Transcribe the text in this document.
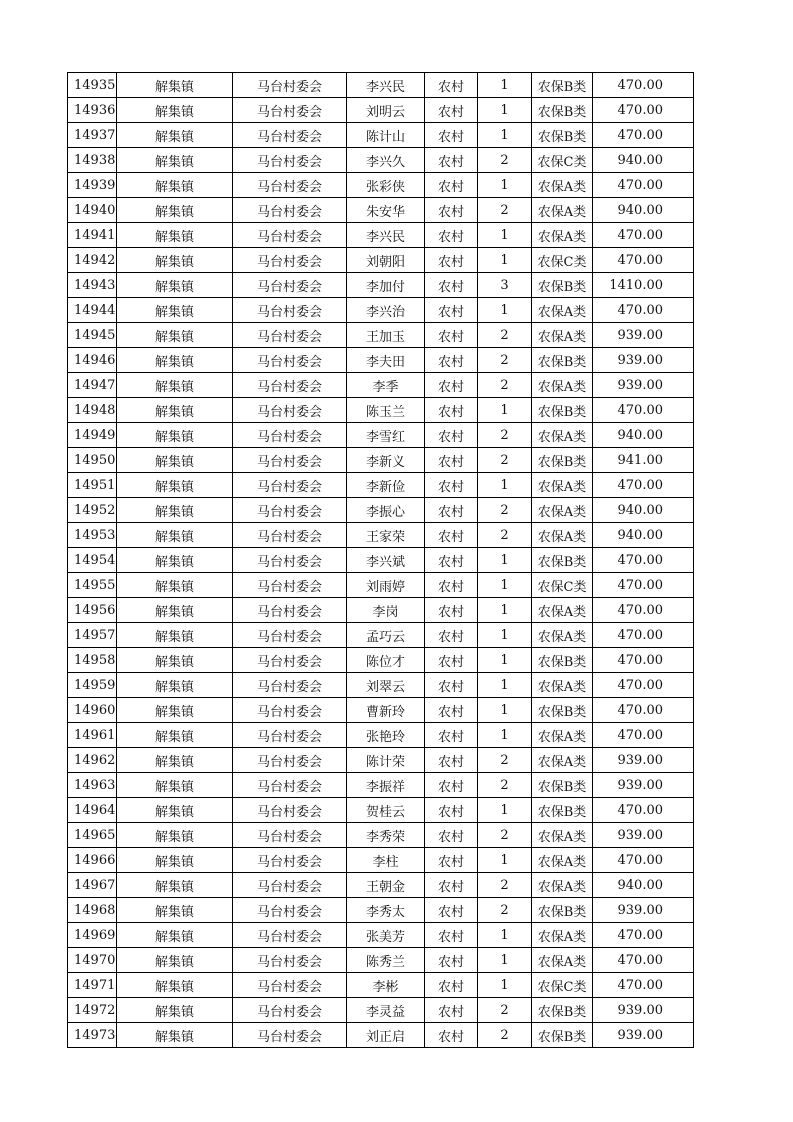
14935	解集镇	马台村委会	李兴民	农村	1	农保B类	470.00
14936	解集镇	马台村委会	刘明云	农村	1	农保B类	470.00
14937	解集镇	马台村委会	陈计山	农村	1	农保B类	470.00
14938	解集镇	马台村委会	李兴久	农村	2	农保C类	940.00
14939	解集镇	马台村委会	张彩侠	农村	1	农保A类	470.00
14940	解集镇	马台村委会	朱安华	农村	2	农保A类	940.00
14941	解集镇	马台村委会	李兴民	农村	1	农保A类	470.00
14942	解集镇	马台村委会	刘朝阳	农村	1	农保C类	470.00
14943	解集镇	马台村委会	李加付	农村	3	农保B类	1410.00
14944	解集镇	马台村委会	李兴治	农村	1	农保A类	470.00
14945	解集镇	马台村委会	王加玉	农村	2	农保A类	939.00
14946	解集镇	马台村委会	李夫田	农村	2	农保B类	939.00
14947	解集镇	马台村委会	李季	农村	2	农保A类	939.00
14948	解集镇	马台村委会	陈玉兰	农村	1	农保B类	470.00
14949	解集镇	马台村委会	李雪红	农村	2	农保A类	940.00
14950	解集镇	马台村委会	李新义	农村	2	农保B类	941.00
14951	解集镇	马台村委会	李新俭	农村	1	农保A类	470.00
14952	解集镇	马台村委会	李振心	农村	2	农保A类	940.00
14953	解集镇	马台村委会	王家荣	农村	2	农保A类	940.00
14954	解集镇	马台村委会	李兴斌	农村	1	农保B类	470.00
14955	解集镇	马台村委会	刘雨婷	农村	1	农保C类	470.00
14956	解集镇	马台村委会	李岗	农村	1	农保A类	470.00
14957	解集镇	马台村委会	孟巧云	农村	1	农保A类	470.00
14958	解集镇	马台村委会	陈位才	农村	1	农保B类	470.00
14959	解集镇	马台村委会	刘翠云	农村	1	农保A类	470.00
14960	解集镇	马台村委会	曹新玲	农村	1	农保B类	470.00
14961	解集镇	马台村委会	张艳玲	农村	1	农保A类	470.00
14962	解集镇	马台村委会	陈计荣	农村	2	农保A类	939.00
14963	解集镇	马台村委会	李振祥	农村	2	农保B类	939.00
14964	解集镇	马台村委会	贺桂云	农村	1	农保B类	470.00
14965	解集镇	马台村委会	李秀荣	农村	2	农保A类	939.00
14966	解集镇	马台村委会	李柱	农村	1	农保A类	470.00
14967	解集镇	马台村委会	王朝金	农村	2	农保A类	940.00
14968	解集镇	马台村委会	李秀太	农村	2	农保B类	939.00
14969	解集镇	马台村委会	张美芳	农村	1	农保A类	470.00
14970	解集镇	马台村委会	陈秀兰	农村	1	农保A类	470.00
14971	解集镇	马台村委会	李彬	农村	1	农保C类	470.00
14972	解集镇	马台村委会	李灵益	农村	2	农保B类	939.00
14973	解集镇	马台村委会	刘正启	农村	2	农保B类	939.00
